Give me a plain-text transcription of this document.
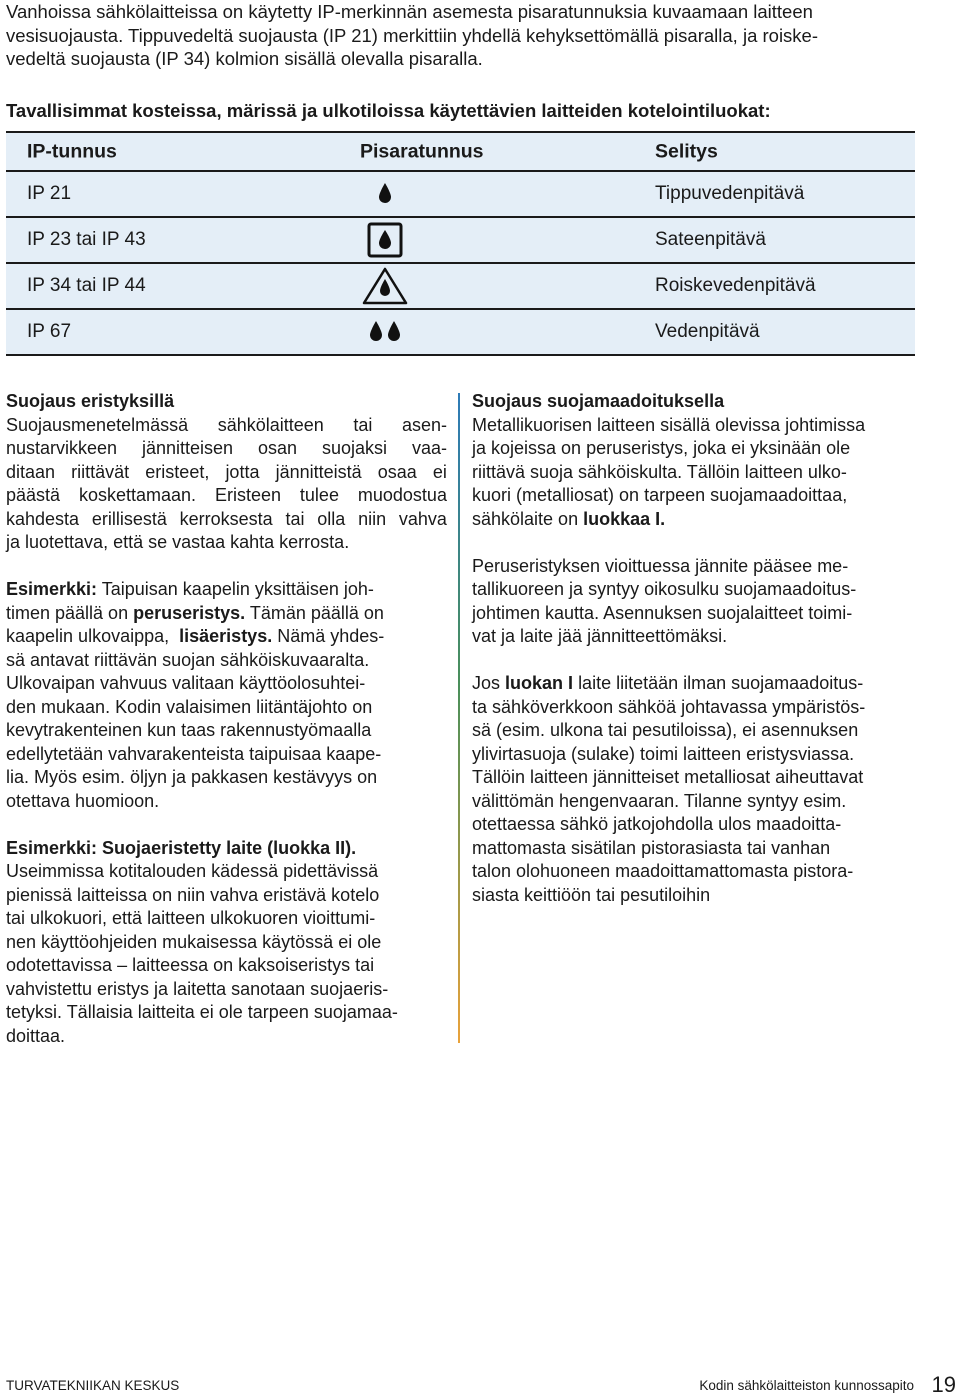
Vanhoissa sähkölaitteissa on käytetty IP-merkinnän asemesta pisaratunnuksia kuvaamaan laitteen
vesisuojausta. Tippuvedeltä suojausta (IP 21) merkittiin yhdellä kehyksettömällä pisaralla, ja roiske-
vedeltä suojausta (IP 34) kolmion sisällä olevalla pisaralla.
Tavallisimmat kosteissa, märissä ja ulkotiloissa käytettävien laitteiden kotelointiluokat:
IP-tunnus	Pisaratunnus	Selitys
IP 21	Tippuvedenpitävä
IP 23 tai IP 43	Sateenpitävä
IP 34 tai IP 44	Roiskevedenpitävä
IP 67	Vedenpitävä

Suojaus eristyksillä
Suojausmenetelmässä sähkölaitteen tai asen-
nustarvikkeen jännitteisen osan suojaksi vaa-
ditaan riittävät eristeet, jotta jännitteistä osaa ei
päästä koskettamaan. Eristeen tulee muodostua
kahdesta erillisestä kerroksesta tai olla niin vahva
ja luotettava, että se vastaa kahta kerrosta.

Esimerkki: Taipuisan kaapelin yksittäisen joh-
timen päällä on peruseristys. Tämän päällä on
kaapelin ulkovaippa, lisäeristys. Nämä yhdes-
sä antavat riittävän suojan sähköiskuvaaralta.
Ulkovaipan vahvuus valitaan käyttöolosuhtei-
den mukaan. Kodin valaisimen liitäntäjohto on
kevytrakenteinen kun taas rakennustyömaalla
edellytetään vahvarakenteista taipuisaa kaape-
lia. Myös esim. öljyn ja pakkasen kestävyys on
otettava huomioon.

Esimerkki: Suojaeristetty laite (luokka II).
Useimmissa kotitalouden kädessä pidettävissä
pienissä laitteissa on niin vahva eristävä kotelo
tai ulkokuori, että laitteen ulkokuoren vioittumi-
nen käyttöohjeiden mukaisessa käytössä ei ole
odotettavissa – laitteessa on kaksoiseristys tai
vahvistettu eristys ja laitetta sanotaan suojaeris-
tetyksi. Tällaisia laitteita ei ole tarpeen suojamaa-
doittaa.

Suojaus suojamaadoituksella
Metallikuorisen laitteen sisällä olevissa johtimissa
ja kojeissa on peruseristys, joka ei yksinään ole
riittävä suoja sähköiskulta. Tällöin laitteen ulko-
kuori (metalliosat) on tarpeen suojamaadoittaa,
sähkölaite on luokkaa I.

Peruseristyksen vioittuessa jännite pääsee me-
tallikuoreen ja syntyy oikosulku suojamaadoitus-
johtimen kautta. Asennuksen suojalaitteet toimi-
vat ja laite jää jännitteettömäksi.

Jos luokan I laite liitetään ilman suojamaadoitus-
ta sähköverkkoon sähköä johtavassa ympäristös-
sä (esim. ulkona tai pesutiloissa), ei asennuksen
ylivirtasuoja (sulake) toimi laitteen eristysviassa.
Tällöin laitteen jännitteiset metalliosat aiheuttavat
välittömän hengenvaaran. Tilanne syntyy esim.
otettaessa sähkö jatkojohdolla ulos maadoitta-
mattomasta sisätilan pistorasiasta tai vanhan
talon olohuoneen maadoittamattomasta pistora-
siasta keittiöön tai pesutiloihin

TURVATEKNIIKAN KESKUS	Kodin sähkölaitteiston kunnossapito 19
